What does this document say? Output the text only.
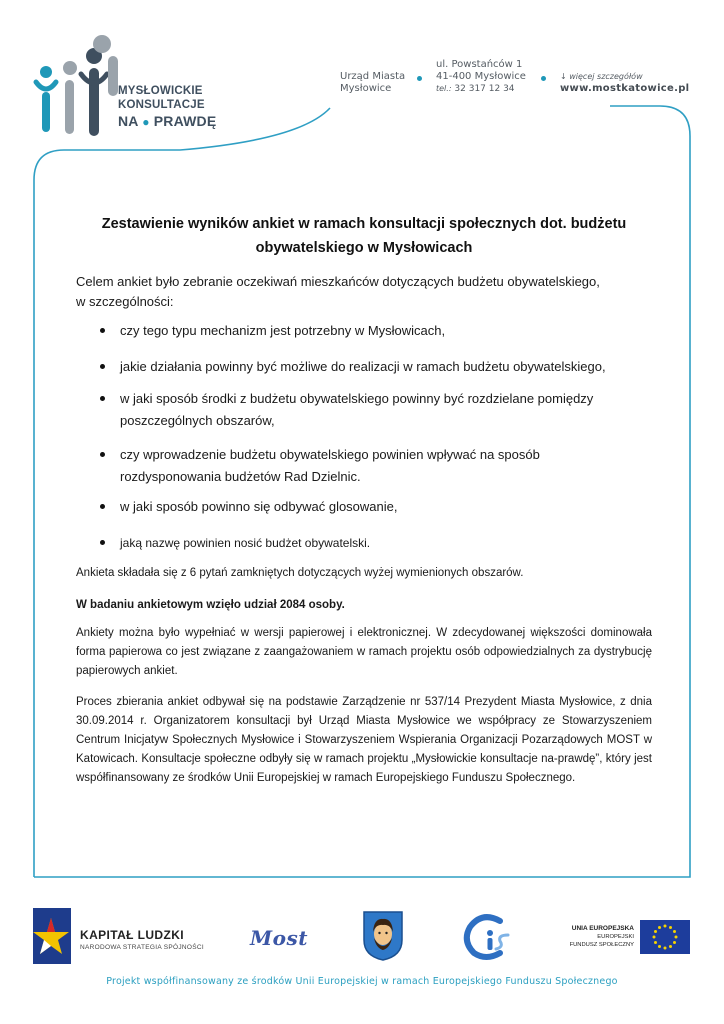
MYSŁOWICKIE
KONSULTACJE
NA ● PRAWDĘ
Urząd Miasta
Mysłowice
ul. Powstańców 1
41-400 Mysłowice
tel.: 32 317 12 34
↓ więcej szczegółów
www.mostkatowice.pl
Zestawienie wyników ankiet w ramach konsultacji społecznych dot. budżetu obywatelskiego w Mysłowicach
Celem ankiet było zebranie oczekiwań mieszkańców dotyczących budżetu obywatelskiego,
w szczególności:
czy tego typu mechanizm jest potrzebny w Mysłowicach,
jakie działania powinny być możliwe do realizacji w ramach budżetu obywatelskiego,
w jaki sposób środki z budżetu obywatelskiego powinny być rozdzielane pomiędzy poszczególnych obszarów,
czy wprowadzenie budżetu obywatelskiego powinien wpływać na sposób rozdysponowania budżetów Rad Dzielnic.
w jaki sposób powinno się odbywać glosowanie,
jaką nazwę powinien nosić budżet obywatelski.

Ankieta składała się z 6 pytań zamkniętych dotyczących wyżej wymienionych obszarów.

W badaniu ankietowym wzięło udział 2084 osoby.

Ankiety można było wypełniać w wersji papierowej i elektronicznej. W zdecydowanej większości dominowała forma papierowa co jest związane z zaangażowaniem w ramach projektu osób odpowiedzialnych za dystrybucję papierowych ankiet.

Proces zbierania ankiet odbywał się na podstawie Zarządzenie nr 537/14 Prezydent Miasta Mysłowice, z dnia 30.09.2014 r. Organizatorem konsultacji był Urząd Miasta Mysłowice we współpracy ze Stowarzyszeniem Centrum Inicjatyw Społecznych Mysłowice i Stowarzyszeniem Wspierania Organizacji Pozarządowych MOST w Katowicach. Konsultacje społeczne odbyły się w ramach projektu „Mysłowickie konsultacje na-prawdę”, który jest współfinansowany ze środków Unii Europejskiej w ramach Europejskiego Funduszu Społecznego.

KAPITAŁ LUDZKI
NARODOWA STRATEGIA SPÓJNOŚCI Most	UNIA EUROPEJSKA
EUROPEJSKI
FUNDUSZ SPOŁECZNY
Projekt współfinansowany ze środków Unii Europejskiej w ramach Europejskiego Funduszu Społecznego
